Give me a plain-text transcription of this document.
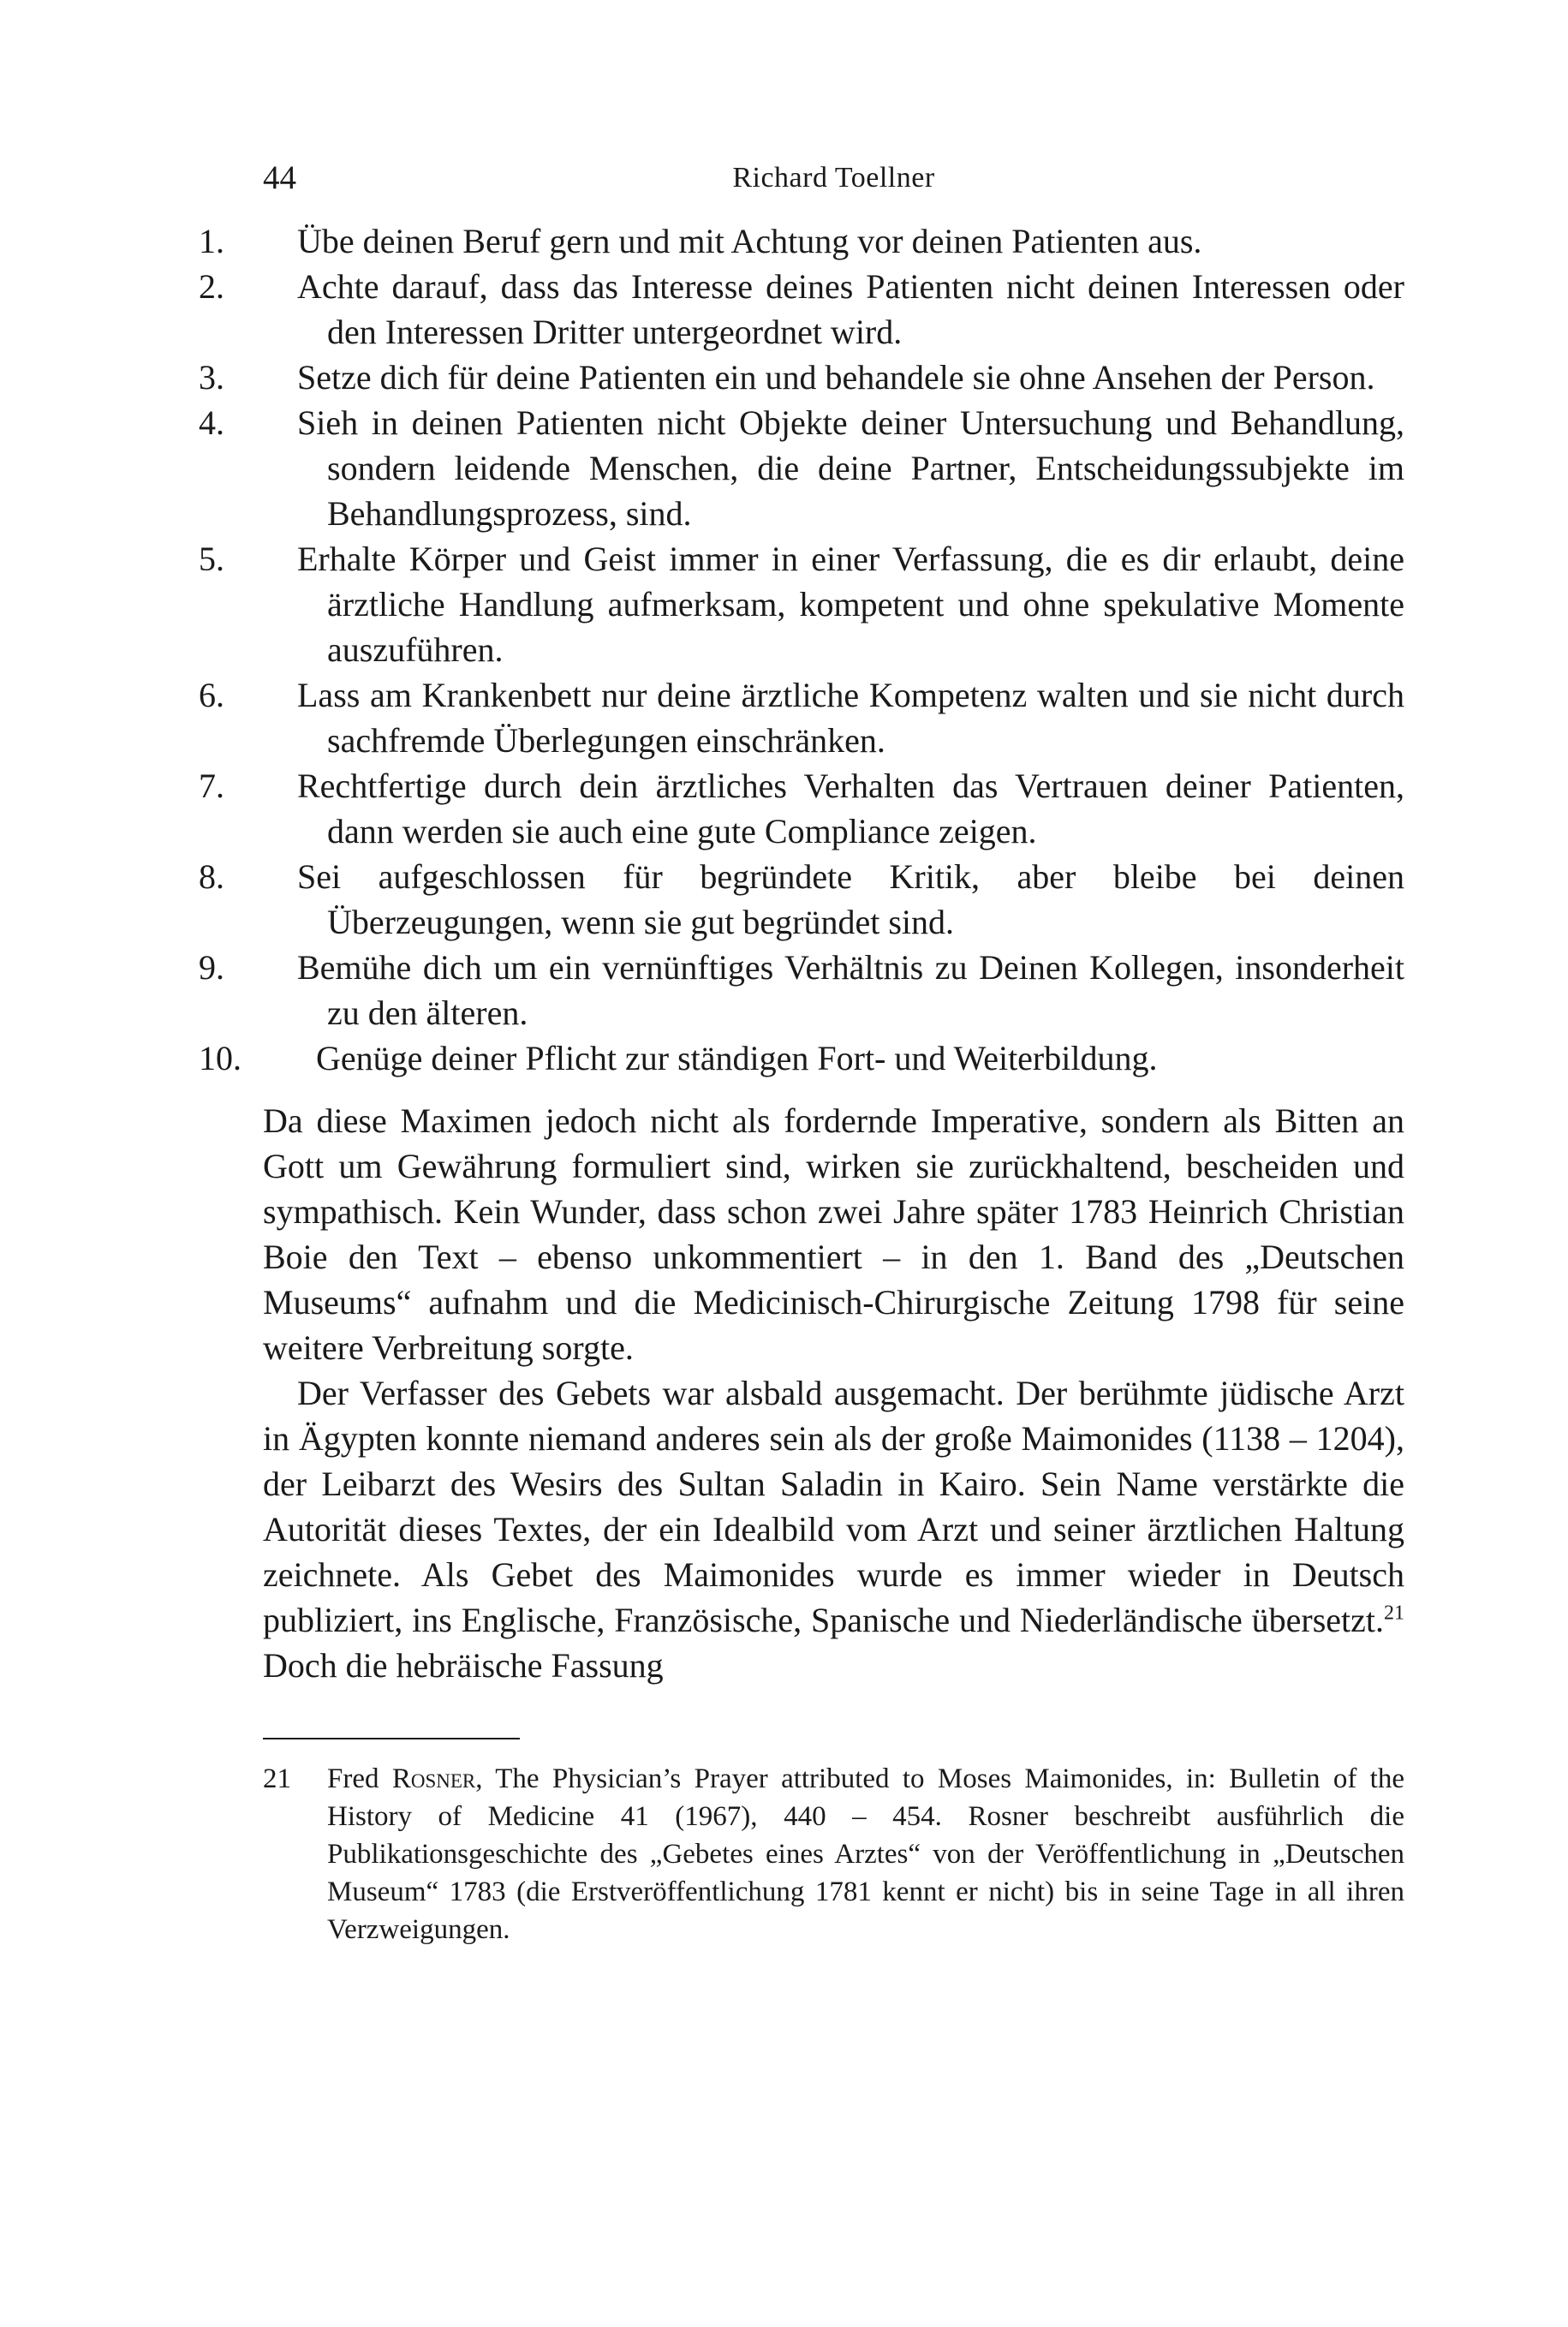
44	Richard Toellner
1. Übe deinen Beruf gern und mit Achtung vor deinen Patienten aus.
2. Achte darauf, dass das Interesse deines Patienten nicht deinen Interessen oder den Interessen Dritter untergeordnet wird.
3. Setze dich für deine Patienten ein und behandele sie ohne Ansehen der Person.
4. Sieh in deinen Patienten nicht Objekte deiner Untersuchung und Behandlung, sondern leidende Menschen, die deine Partner, Entscheidungssubjekte im Behandlungsprozess, sind.
5. Erhalte Körper und Geist immer in einer Verfassung, die es dir erlaubt, deine ärztliche Handlung aufmerksam, kompetent und ohne spekulative Momente auszuführen.
6. Lass am Krankenbett nur deine ärztliche Kompetenz walten und sie nicht durch sachfremde Überlegungen einschränken.
7. Rechtfertige durch dein ärztliches Verhalten das Vertrauen deiner Patienten, dann werden sie auch eine gute Compliance zeigen.
8. Sei aufgeschlossen für begründete Kritik, aber bleibe bei deinen Überzeugungen, wenn sie gut begründet sind.
9. Bemühe dich um ein vernünftiges Verhältnis zu Deinen Kollegen, insonderheit zu den älteren.
10. Genüge deiner Pflicht zur ständigen Fort- und Weiterbildung.

Da diese Maximen jedoch nicht als fordernde Imperative, sondern als Bitten an Gott um Gewährung formuliert sind, wirken sie zurückhaltend, bescheiden und sympathisch. Kein Wunder, dass schon zwei Jahre später 1783 Heinrich Christian Boie den Text – ebenso unkommentiert – in den 1. Band des „Deutschen Museums“ aufnahm und die Medicinisch-Chirurgische Zeitung 1798 für seine weitere Verbreitung sorgte.

Der Verfasser des Gebets war alsbald ausgemacht. Der berühmte jüdische Arzt in Ägypten konnte niemand anderes sein als der große Maimonides (1138 – 1204), der Leibarzt des Wesirs des Sultan Saladin in Kairo. Sein Name verstärkte die Autorität dieses Textes, der ein Idealbild vom Arzt und seiner ärztlichen Haltung zeichnete. Als Gebet des Maimonides wurde es immer wieder in Deutsch publiziert, ins Englische, Französische, Spanische und Niederländische übersetzt.$^{21}$ Doch die hebräische Fassung

21 Fred Rosner, The Physician’s Prayer attributed to Moses Maimonides, in: Bulletin of the History of Medicine 41 (1967), 440 – 454. Rosner beschreibt ausführlich die Publikationsgeschichte des „Gebetes eines Arztes“ von der Veröffentlichung in „Deutschen Museum“ 1783 (die Erstveröffentlichung 1781 kennt er nicht) bis in seine Tage in all ihren Verzweigungen.
